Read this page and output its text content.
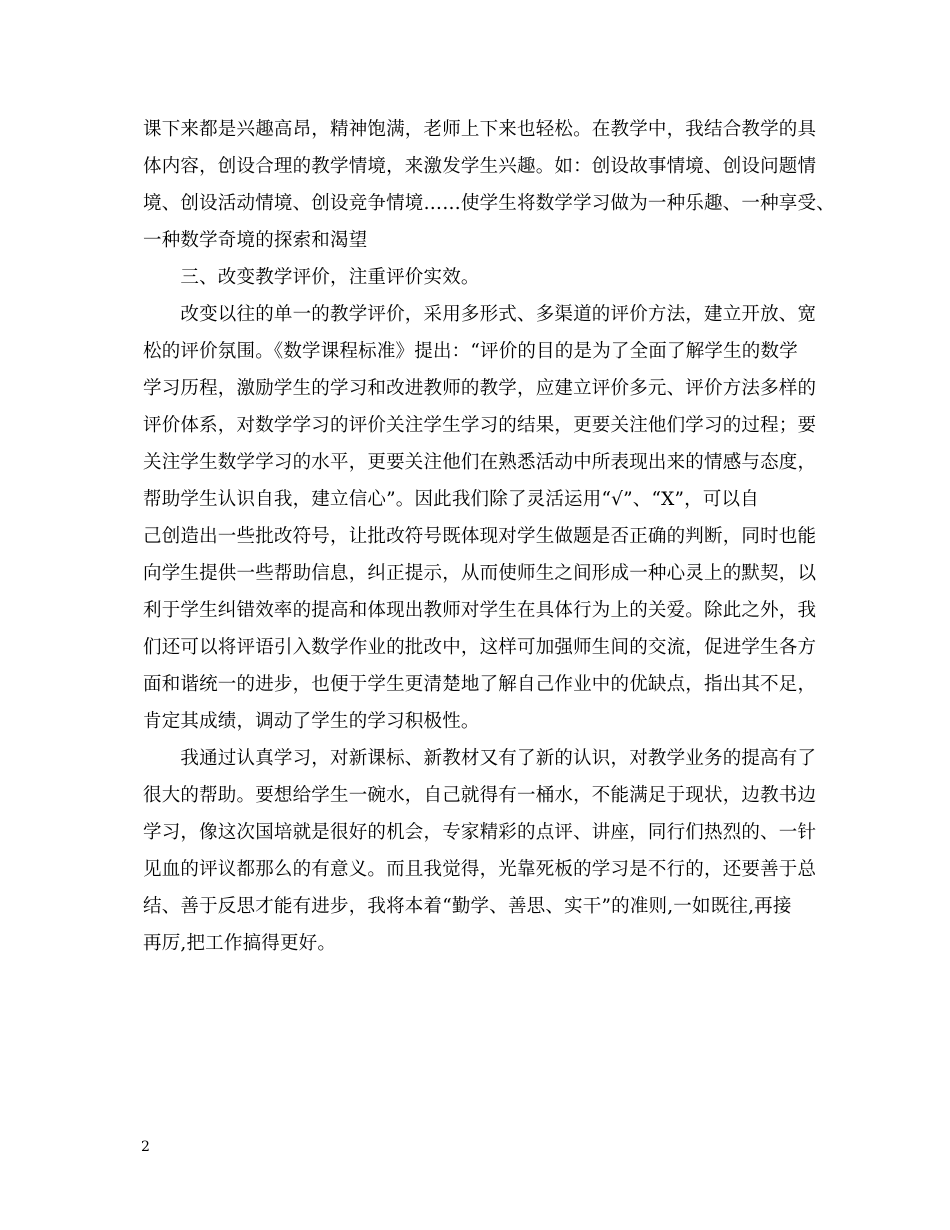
课下来都是兴趣高昂，精神饱满，老师上下来也轻松。在教学中，我结合教学的具
体内容，创设合理的教学情境，来激发学生兴趣。如：创设故事情境、创设问题情
境、创设活动情境、创设竞争情境……使学生将数学学习做为一种乐趣、一种享受、
一种数学奇境的探索和渴望
　　三、改变教学评价，注重评价实效。
　　改变以往的单一的教学评价，采用多形式、多渠道的评价方法，建立开放、宽
松的评价氛围。《数学课程标准》提出：“评价的目的是为了全面了解学生的数学
学习历程，激励学生的学习和改进教师的教学，应建立评价多元、评价方法多样的
评价体系，对数学学习的评价关注学生学习的结果，更要关注他们学习的过程；要
关注学生数学学习的水平，更要关注他们在熟悉活动中所表现出来的情感与态度，
帮助学生认识自我，建立信心”。因此我们除了灵活运用“√”、“X”，可以自
己创造出一些批改符号，让批改符号既体现对学生做题是否正确的判断，同时也能
向学生提供一些帮助信息，纠正提示，从而使师生之间形成一种心灵上的默契，以
利于学生纠错效率的提高和体现出教师对学生在具体行为上的关爱。除此之外，我
们还可以将评语引入数学作业的批改中，这样可加强师生间的交流，促进学生各方
面和谐统一的进步，也便于学生更清楚地了解自己作业中的优缺点，指出其不足，
肯定其成绩，调动了学生的学习积极性。
　　我通过认真学习，对新课标、新教材又有了新的认识，对教学业务的提高有了
很大的帮助。要想给学生一碗水，自己就得有一桶水，不能满足于现状，边教书边
学习，像这次国培就是很好的机会，专家精彩的点评、讲座，同行们热烈的、一针
见血的评议都那么的有意义。而且我觉得，光靠死板的学习是不行的，还要善于总
结、善于反思才能有进步，我将本着“勤学、善思、实干”的准则,一如既往,再接
再厉,把工作搞得更好。
2
